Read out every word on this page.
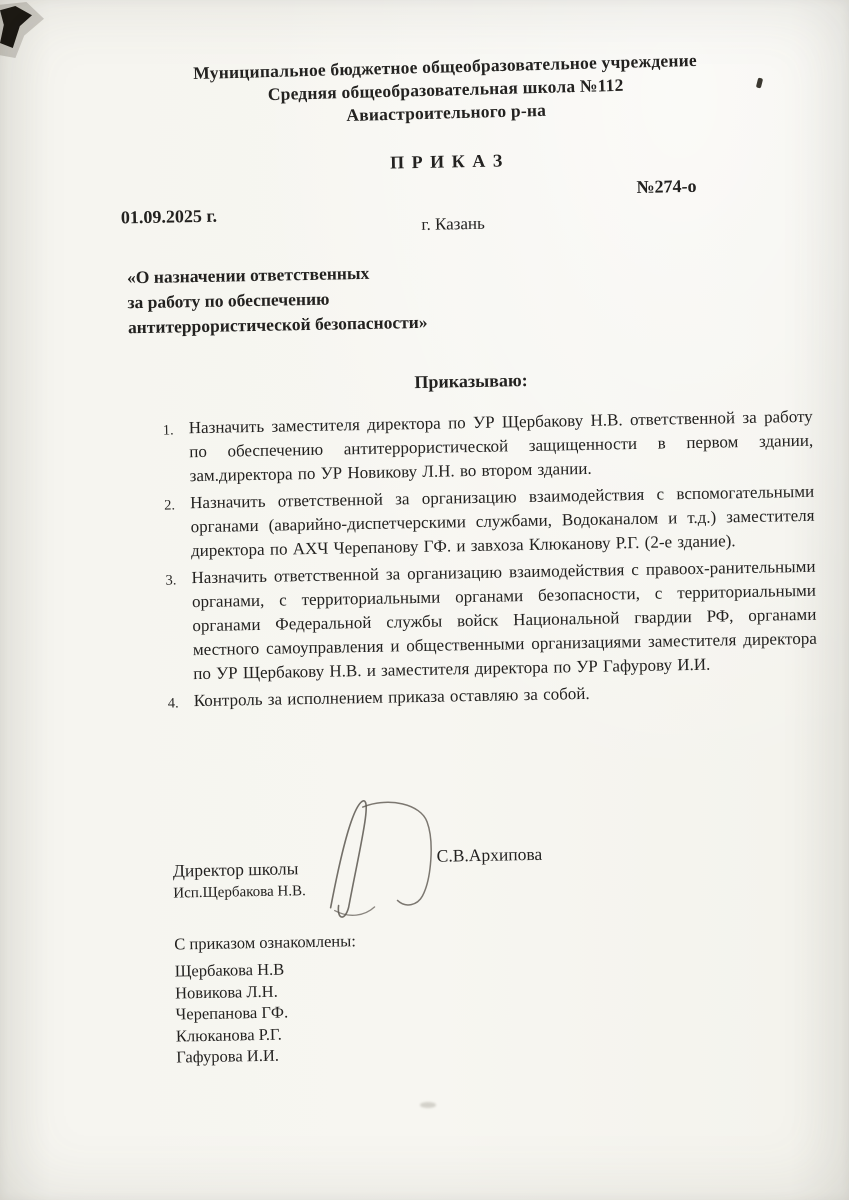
Муниципальное бюджетное общеобразовательное учреждение
Средняя общеобразовательная школа №112
Авиастроительного р-на
П Р И К А З
№274-о
01.09.2025 г.	г. Казань
«О назначении ответственных
за работу по обеспечению
антитеррористической безопасности»
Приказываю:
1. Назначить заместителя директора по УР Щербакову Н.В. ответственной за работу по обеспечению антитеррористической защищенности в первом здании, зам.директора по УР Новикову Л.Н. во втором здании.
2. Назначить ответственной за организацию взаимодействия с вспомогательными органами (аварийно-диспетчерскими службами, Водоканалом и т.д.) заместителя директора по АХЧ Черепанову ГФ. и завхоза Клюканову Р.Г. (2-е здание).
3. Назначить ответственной за организацию взаимодействия с правоох-ранительными органами, с территориальными органами безопасности, с территориальными органами Федеральной службы войск Национальной гвардии РФ, органами местного самоуправления и общественными организациями заместителя директора по УР Щербакову Н.В. и заместителя директора по УР Гафурову И.И.
4. Контроль за исполнением приказа оставляю за собой.
Директор школы
Исп.Щербакова Н.В.
С.В.Архипова
С приказом ознакомлены:
Щербакова Н.В
Новикова Л.Н.
Черепанова ГФ.
Клюканова Р.Г.
Гафурова И.И.
